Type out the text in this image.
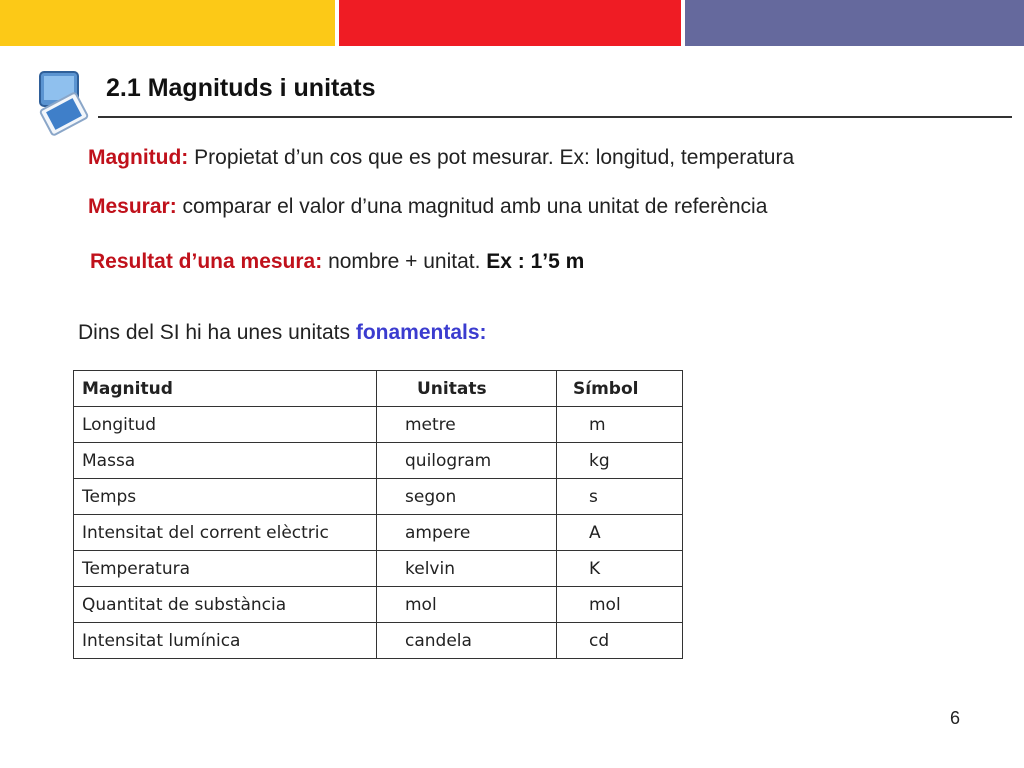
2.1 Magnituds i unitats
Magnitud: Propietat d’un cos que es pot mesurar. Ex: longitud, temperatura
Mesurar: comparar el valor d’una magnitud amb una unitat de referència
Resultat d’una mesura: nombre + unitat. Ex : 1’5 m
Dins del SI hi ha unes unitats fonamentals:
Magnitud	Unitats	Símbol
Longitud	metre	m
Massa	quilogram	kg
Temps	segon	s
Intensitat del corrent elèctric	ampere	A
Temperatura	kelvin	K
Quantitat de substància	mol	mol
Intensitat lumínica	candela	cd
6
